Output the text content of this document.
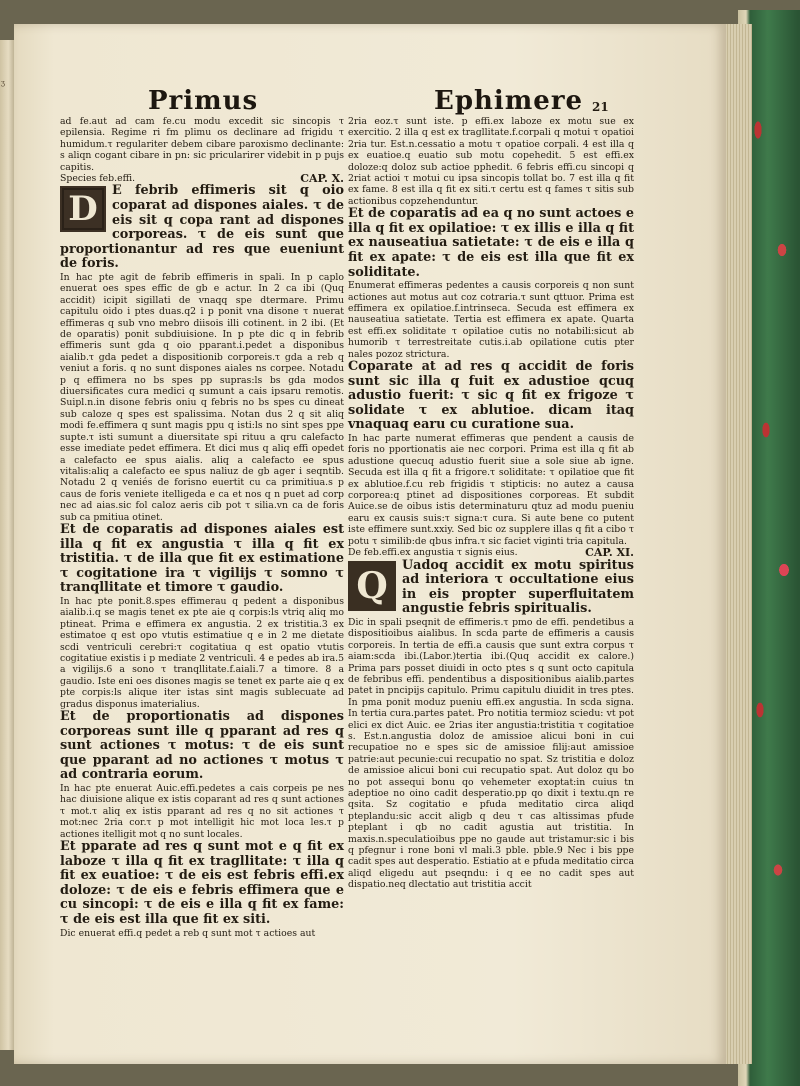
ʒ
Primus	Ephimere 21

ad fe.aut ad cam fe.cu modu excedit sic sincopis τ epilensia. Regime ri fm plimu os declinare ad frigidu τ humidum.τ regulariter debem cibare paroxismo declinante: s aliqn cogant cibare in pn: sic pricularirer videbit in p pujs capitis.

Species feb.effi.	CAP. X.

D	E febrib effimeris sit q oio coparat ad dispones aiales. τ de eis sit q copa rant ad dispones corporeas. τ de eis sunt que proportionantur ad res que eueniunt de foris.

In hac pte agit de febrib effimeris in spali. In p caplo enuerat oes spes effic de gb e actur. In 2 ca ibi (Quq accidit) icipit sigillati de vnaqq spe dtermare. Primu capitulu oido i ptes duas.q2 i p ponit vna disone τ nuerat effimeras q sub vno mebro diisois illi cotinent. in 2 ibi. (Et de oparatis) ponit subdiuisione. In p pte dic q in febrib effimeris sunt gda q oio pparant.i.pedet a disponibus aialib.τ gda pedet a dispositionib corporeis.τ gda a reb q veniut a foris. q no sunt dispones aiales ns corpee. Notadu p q effimera no bs spes pp supras:ls bs gda modos diuersificates cura medici q sumunt a cais ipsaru remotis. Suipl.n.in disone febris oniu q febris no bs spes cu dineat sub caloze q spes est spalissima. Notan dus 2 q sit aliq modi fe.effimera q sunt magis ppu q isti:ls no sint spes ppe supte.τ isti sumunt a diuersitate spi rituu a qru calefacto esse imediate pedet effimera. Et dici mus q aliq effi opedet a calefacto ee spus aialis. aliq a calefacto ee spus vitalis:aliq a calefacto ee spus naliuz de gb ager i seqntib. Notadu 2 q veniés de forisno euertit cu ca primitiua.s p caus de foris veniete itelligeda e ca et nos q n puet ad corp nec ad aias.sic fol caloz aeris cib pot τ silia.vn ca de foris sub ca pmitiua otinet.

Et de coparatis ad dispones aiales est illa q fit ex angustia τ illa q fit ex tristitia. τ de illa que fit ex estimatione τ cogitatione ira τ vigilijs τ somno τ tranqllitate et timore τ gaudio.

In hac pte ponit.8.spes effimerau q pedent a disponibus aialib.i.q se magis tenet ex pte aie q corpis:ls vtriq aliq mo ptineat. Prima e effimera ex angustia. 2 ex tristitia.3 ex estimatoe q est opo vtutis estimatiue q e in 2 me dietate scdi ventriculi cerebri:τ cogitatiua q est opatio vtutis cogitatiue existis i p mediate 2 ventriculi. 4 e pedes ab ira.5 a vigilijs.6 a sono τ tranqllitate.f.aiali.7 a timore. 8 a gaudio. Iste eni oes disones magis se tenet ex parte aie q ex pte corpis:ls alique iter istas sint magis sublecuate ad gradus disponus imaterialius.

Et de proportionatis ad dispones corporeas sunt ille q pparant ad res q sunt actiones τ motus: τ de eis sunt que pparant ad no actiones τ motus τ ad contraria eorum.

In hac pte enuerat Auic.effi.pedetes a cais corpeis pe nes hac diuisione alique ex istis coparant ad res q sunt actiones τ mot.τ aliq ex istis pparant ad res q no sit actiones τ mot:nec 2ria cor.τ p mot intelligit hic mot loca les.τ p actiones itelligit mot q no sunt locales.

Et pparate ad res q sunt mot e q fit ex laboze τ illa q fit ex tragllitate: τ illa q fit ex euatioe: τ de eis est febris effi.ex doloze: τ de eis e febris effimera que e cu sincopi: τ de eis e illa q fit ex fame: τ de eis est illa que fit ex siti.

Dic enuerat effi.q pedet a reb q sunt mot τ actioes aut

2ria eoz.τ sunt iste. p effi.ex laboze ex motu sue ex exercitio. 2 illa q est ex tragllitate.f.corpali q motui τ opatioi 2ria tur. Est.n.cessatio a motu τ opatioe corpali. 4 est illa q ex euatioe.q euatio sub motu copehedit. 5 est effi.ex doloze:q doloz sub actioe pphedit. 6 febris effi.cu sincopi q 2riat actioi τ motui cu ipsa sincopis tollat bo. 7 est illa q fit ex fame. 8 est illa q fit ex siti.τ certu est q fames τ sitis sub actionibus copzehenduntur.

Et de coparatis ad ea q no sunt actoes e illa q fit ex opilatioe: τ ex illis e illa q fit ex nauseatiua satietate: τ de eis e illa q fit ex apate: τ de eis est illa que fit ex soliditate.

Enumerat effimeras pedentes a causis corporeis q non sunt actiones aut motus aut coz cotraria.τ sunt qttuor. Prima est effimera ex opilatioe.f.intrinseca. Secuda est effimera ex nauseatiua satietate. Tertia est effimera ex apate. Quarta est effi.ex soliditate τ opilatioe cutis no notabili:sicut ab humorib τ terrestreitate cutis.i.ab opilatione cutis pter nales pozoz strictura.

Coparate at ad res q accidit de foris sunt sic illa q fuit ex adustioe qcuq adustio fuerit: τ sic q fit ex frigoze τ solidate τ ex ablutioe. dicam itaq vnaquaq earu cu curatione sua.

In hac parte numerat effimeras que pendent a causis de foris no pportionatis aie nec corpori. Prima est illa q fit ab adustione quecuq adustio fuerit siue a sole siue ab igne. Secuda est illa q fit a frigore.τ soliditate: τ opilatioe que fit ex ablutioe.f.cu reb frigidis τ stipticis: no autez a causa corporea:q ptinet ad dispositiones corporeas. Et subdit Auice.se de oibus istis determinaturu qtuz ad modu pueniu earu ex causis suis:τ signa:τ cura. Si aute bene co putent iste effimere sunt.xxiy. Sed bic oz supplere illas q fit a cibo τ potu τ similib:de qbus infra.τ sic faciet viginti tria capitula.

De feb.effi.ex angustia τ signis eius.	CAP. XI.

Q	Uadoq accidit ex motu spiritus ad interiora τ occultatione eius in eis propter superfluitatem angustie febris spiritualis.

Dic in spali pseqnit de effimeris.τ pmo de effi. pendetibus a dispositioibus aialibus. In scda parte de effimeris a causis corporeis. In tertia de effi.a causis que sunt extra corpus τ aiam:scda ibi.(Labor.)tertia ibi.(Quq accidit ex calore.) Prima pars posset diuidi in octo ptes s q sunt octo capitula de febribus effi. pendentibus a dispositionibus aialib.partes patet in pncipijs capitulo. Primu capitulu diuidit in tres ptes. In pma ponit moduz pueniu effi.ex angustia. In scda signa. In tertia cura.partes patet. Pro notitia termioz sciedu: vt pot elici ex dict Auic. ee 2rias iter angustia:tristitia τ cogitatioe s. Est.n.angustia doloz de amissioe alicui boni in cui recupatioe no e spes sic de amissioe filij:aut amissioe patrie:aut pecunie:cui recupatio no spat. Sz tristitia e doloz de amissioe alicui boni cui recupatio spat. Aut doloz qu bo no pot assequi bonu qo vehemeter exoptat:in cuius tn adeptioe no oino cadit desperatio.pp qo dixit i textu.qn re qsita. Sz cogitatio e pfuda meditatio circa aliqd pteplandu:sic accit aligb q deu τ cas altissimas pfude pteplant i qb no cadit agustia aut tristitia. In maxis.n.speculatioibus ppe no gaude aut tristamur:sic i bis q pfegnur i rone boni vl mali.3 pble. pble.9 Nec i bis ppe cadit spes aut desperatio. Estiatio at e pfuda meditatio circa aliqd eligedu aut pseqndu: i q ee no cadit spes aut dispatio.neq dlectatio aut tristitia accit
